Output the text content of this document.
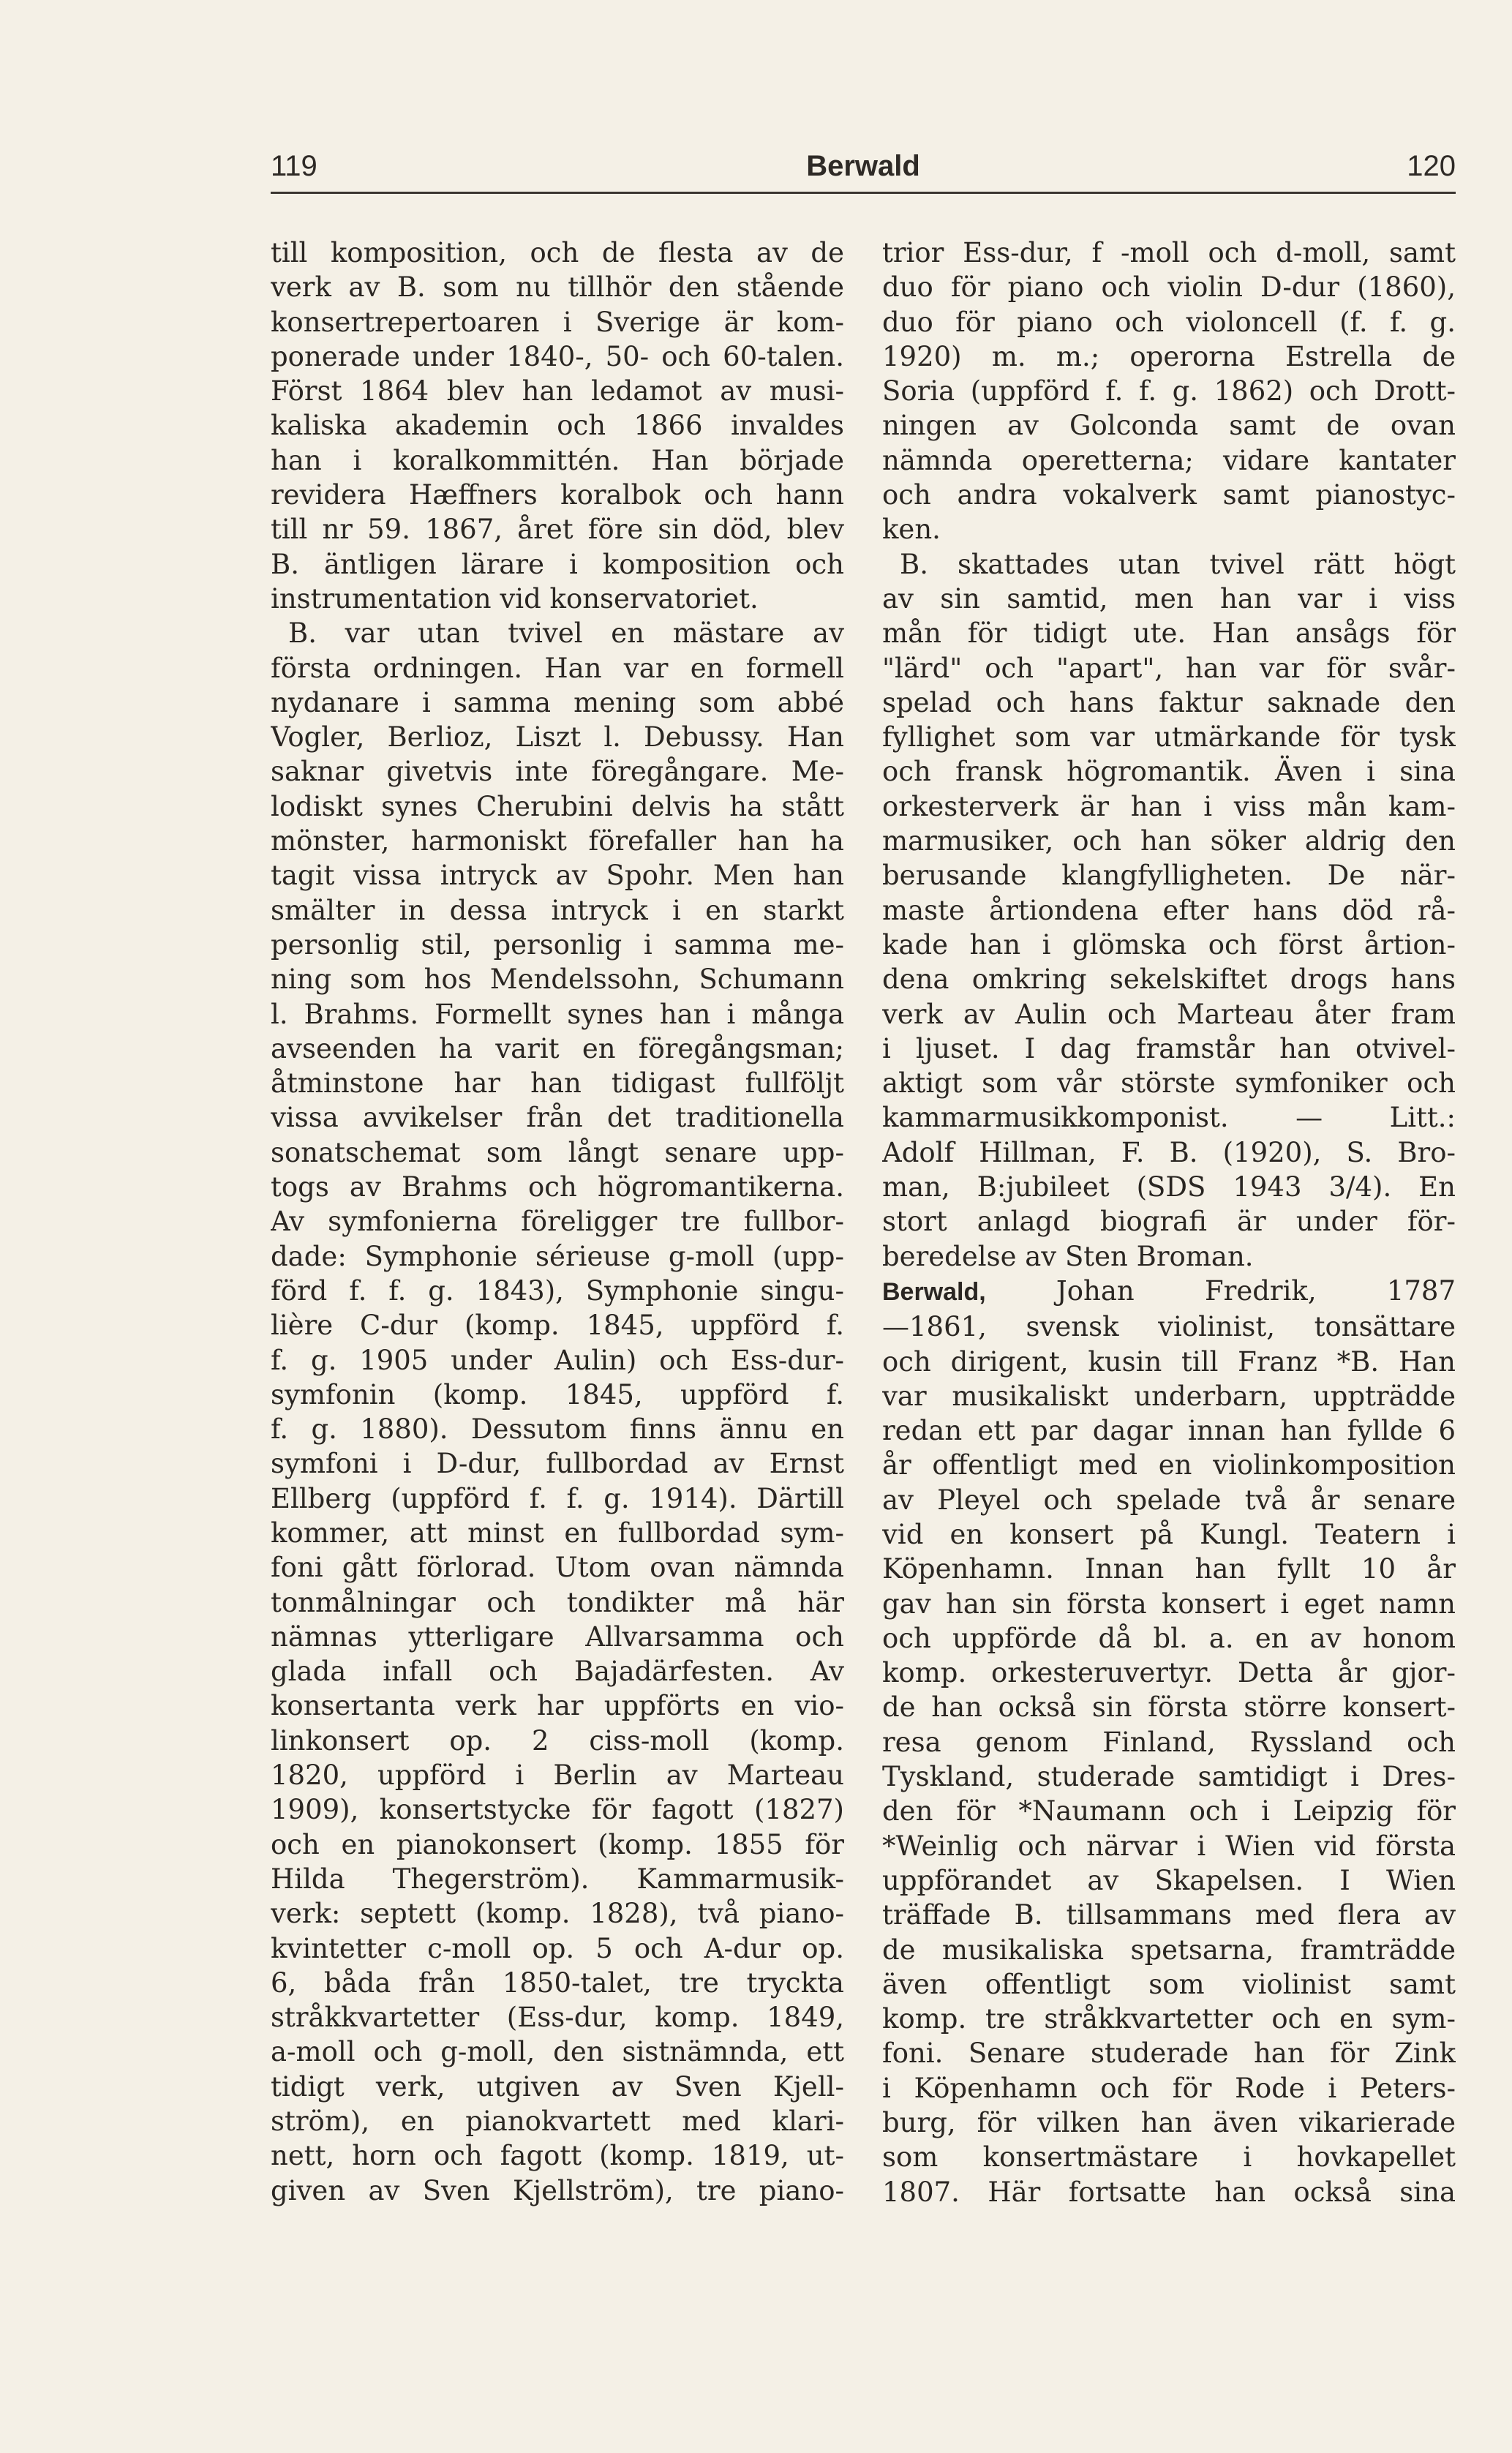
119	Berwald	120
till komposition, och de flesta av de
verk av B. som nu tillhör den stående
konsertrepertoaren i Sverige är kom-
ponerade under 1840-, 50- och 60-talen.
Först 1864 blev han ledamot av musi-
kaliska akademin och 1866 invaldes
han i koralkommittén. Han började
revidera Hæffners koralbok och hann
till nr 59. 1867, året före sin död, blev
B. äntligen lärare i komposition och
instrumentation vid konservatoriet.
B. var utan tvivel en mästare av
första ordningen. Han var en formell
nydanare i samma mening som abbé
Vogler, Berlioz, Liszt l. Debussy. Han
saknar givetvis inte föregångare. Me-
lodiskt synes Cherubini delvis ha stått
mönster, harmoniskt förefaller han ha
tagit vissa intryck av Spohr. Men han
smälter in dessa intryck i en starkt
personlig stil, personlig i samma me-
ning som hos Mendelssohn, Schumann
l. Brahms. Formellt synes han i många
avseenden ha varit en föregångsman;
åtminstone har han tidigast fullföljt
vissa avvikelser från det traditionella
sonatschemat som långt senare upp-
togs av Brahms och högromantikerna.
Av symfonierna föreligger tre fullbor-
dade: Symphonie sérieuse g-moll (upp-
förd f. f. g. 1843), Symphonie singu-
lière C-dur (komp. 1845, uppförd f.
f. g. 1905 under Aulin) och Ess-dur-
symfonin (komp. 1845, uppförd f.
f. g. 1880). Dessutom finns ännu en
symfoni i D-dur, fullbordad av Ernst
Ellberg (uppförd f. f. g. 1914). Därtill
kommer, att minst en fullbordad sym-
foni gått förlorad. Utom ovan nämnda
tonmålningar och tondikter må här
nämnas ytterligare Allvarsamma och
glada infall och Bajadärfesten. Av
konsertanta verk har uppförts en vio-
linkonsert op. 2 ciss-moll (komp.
1820, uppförd i Berlin av Marteau
1909), konsertstycke för fagott (1827)
och en pianokonsert (komp. 1855 för
Hilda Thegerström). Kammarmusik-
verk: septett (komp. 1828), två piano-
kvintetter c-moll op. 5 och A-dur op.
6, båda från 1850-talet, tre tryckta
stråkkvartetter (Ess-dur, komp. 1849,
a-moll och g-moll, den sistnämnda, ett
tidigt verk, utgiven av Sven Kjell-
ström), en pianokvartett med klari-
nett, horn och fagott (komp. 1819, ut-
given av Sven Kjellström), tre piano-
trior Ess-dur, f -moll och d-moll, samt
duo för piano och violin D-dur (1860),
duo för piano och violoncell (f. f. g.
1920) m. m.; operorna Estrella de
Soria (uppförd f. f. g. 1862) och Drott-
ningen av Golconda samt de ovan
nämnda operetterna; vidare kantater
och andra vokalverk samt pianostyc-
ken.
B. skattades utan tvivel rätt högt
av sin samtid, men han var i viss
mån för tidigt ute. Han ansågs för
"lärd" och "apart", han var för svår-
spelad och hans faktur saknade den
fyllighet som var utmärkande för tysk
och fransk högromantik. Även i sina
orkesterverk är han i viss mån kam-
marmusiker, och han söker aldrig den
berusande klangfylligheten. De när-
maste årtiondena efter hans död rå-
kade han i glömska och först årtion-
dena omkring sekelskiftet drogs hans
verk av Aulin och Marteau åter fram
i ljuset. I dag framstår han otvivel-
aktigt som vår störste symfoniker och
kammarmusikkomponist. — Litt.:
Adolf Hillman, F. B. (1920), S. Bro-
man, B:jubileet (SDS 1943 3/4). En
stort anlagd biografi är under för-
beredelse av Sten Broman.
Berwald, Johan Fredrik, 1787
—1861, svensk violinist, tonsättare
och dirigent, kusin till Franz *B. Han
var musikaliskt underbarn, uppträdde
redan ett par dagar innan han fyllde 6
år offentligt med en violinkomposition
av Pleyel och spelade två år senare
vid en konsert på Kungl. Teatern i
Köpenhamn. Innan han fyllt 10 år
gav han sin första konsert i eget namn
och uppförde då bl. a. en av honom
komp. orkesteruvertyr. Detta år gjor-
de han också sin första större konsert-
resa genom Finland, Ryssland och
Tyskland, studerade samtidigt i Dres-
den för *Naumann och i Leipzig för
*Weinlig och närvar i Wien vid första
uppförandet av Skapelsen. I Wien
träffade B. tillsammans med flera av
de musikaliska spetsarna, framträdde
även offentligt som violinist samt
komp. tre stråkkvartetter och en sym-
foni. Senare studerade han för Zink
i Köpenhamn och för Rode i Peters-
burg, för vilken han även vikarierade
som konsertmästare i hovkapellet
1807. Här fortsatte han också sina
